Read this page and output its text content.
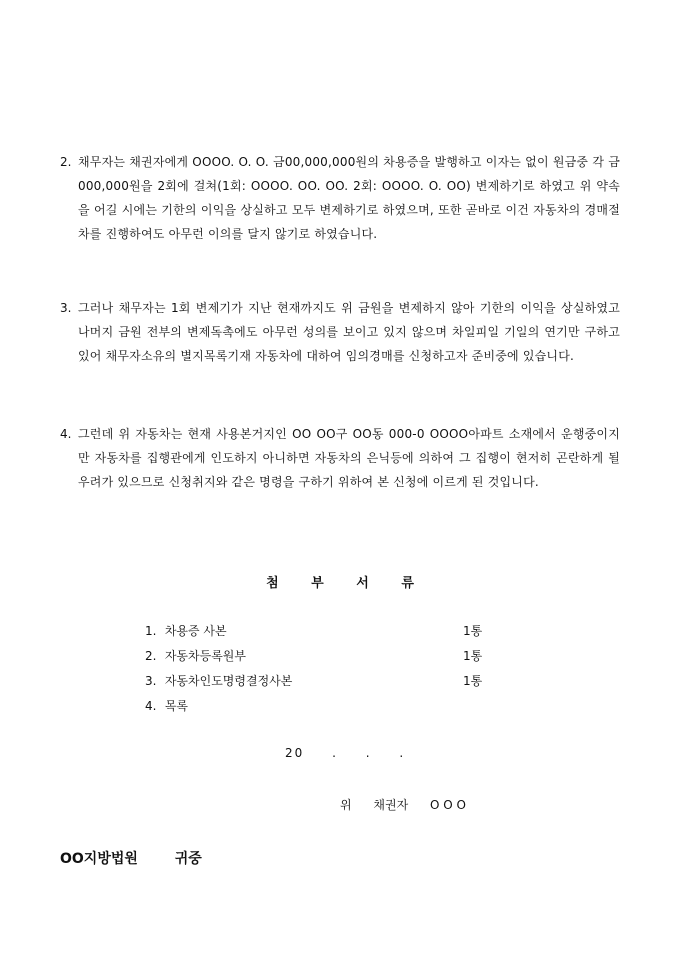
2. 채무자는 채권자에게 OOOO. O. O. 금00,000,000원의 차용증을 발행하고 이자는 없이 원금중 각 금000,000원을 2회에 걸쳐(1회: OOOO. OO. OO. 2회: OOOO. O. OO) 변제하기로 하였고 위 약속을 어길 시에는 기한의 이익을 상실하고 모두 변제하기로 하였으며, 또한 곧바로 이건 자동차의 경매절차를 진행하여도 아무런 이의를 달지 않기로 하였습니다.
3. 그러나 채무자는 1회 변제기가 지난 현재까지도 위 금원을 변제하지 않아 기한의 이익을 상실하였고 나머지 금원 전부의 변제독촉에도 아무런 성의를 보이고 있지 않으며 차일피일 기일의 연기만 구하고 있어 채무자소유의 별지목록기재 자동차에 대하여 임의경매를 신청하고자 준비중에 있습니다.
4. 그런데 위 자동차는 현재 사용본거지인 OO OO구 OO동 000-0 OOOO아파트 소재에서 운행중이지만 자동차를 집행관에게 인도하지 아니하면 자동차의 은닉등에 의하여 그 집행이 현저히 곤란하게 될 우려가 있으므로 신청취지와 같은 명령을 구하기 위하여 본 신청에 이르게 된 것입니다.
첨	부	서	류
1. 차용증 사본	1통
2. 자동차등록원부	1통
3. 자동차인도명령결정사본	1통
4. 목록
20 . . .
위 채권자 O O O
OO지방법원	귀중
